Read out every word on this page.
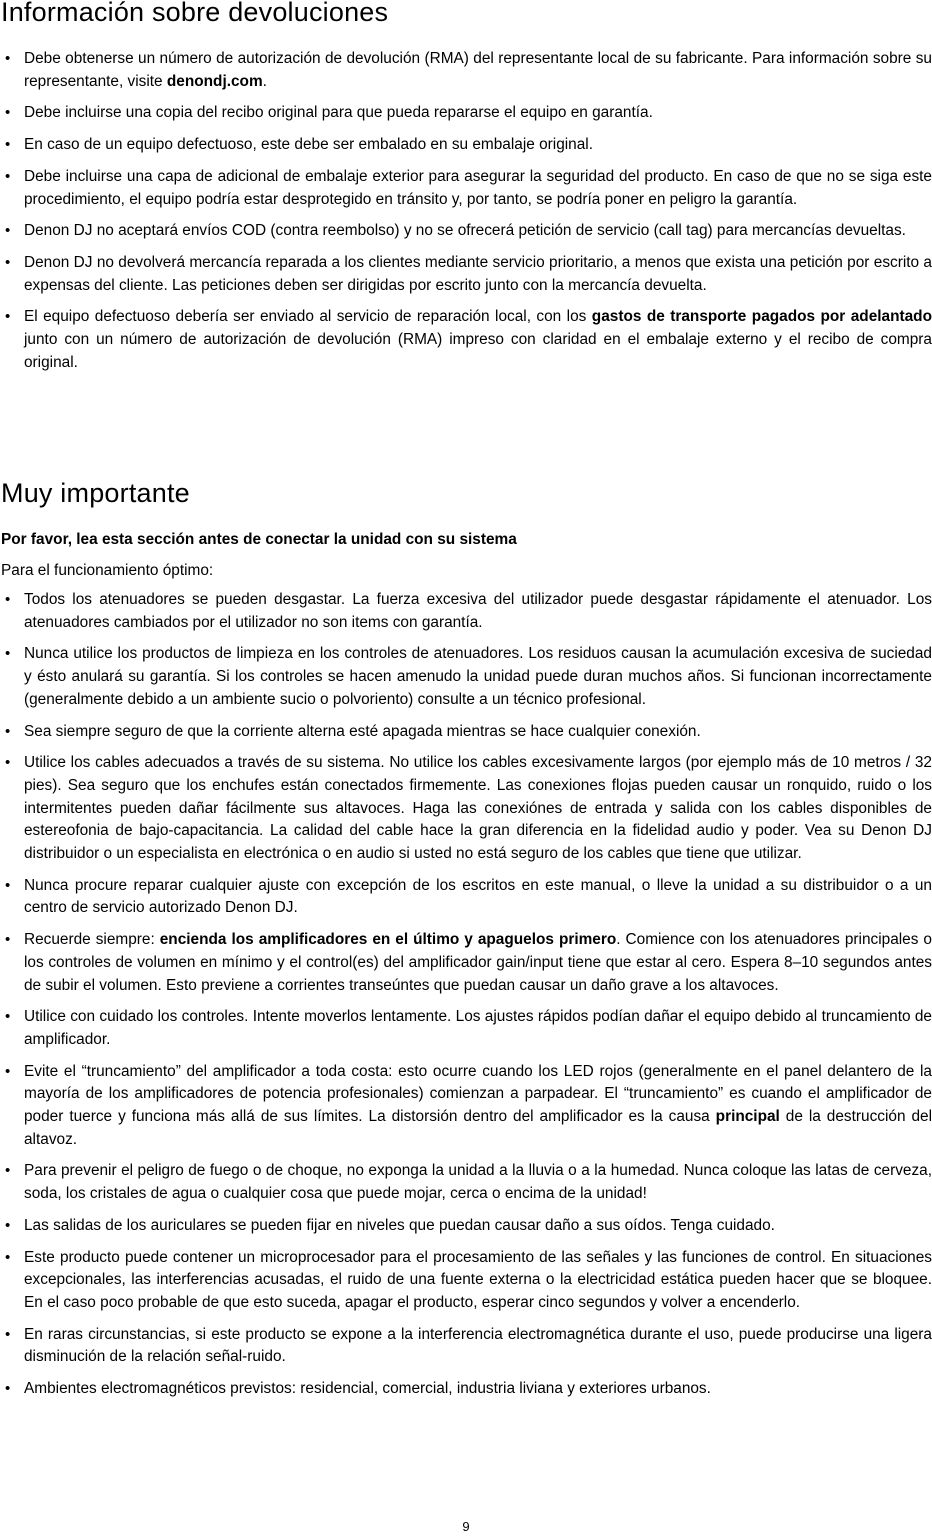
Información sobre devoluciones
• Debe obtenerse un número de autorización de devolución (RMA) del representante local de su fabricante. Para información sobre su representante, visite denondj.com.
• Debe incluirse una copia del recibo original para que pueda repararse el equipo en garantía.
• En caso de un equipo defectuoso, este debe ser embalado en su embalaje original.
• Debe incluirse una capa de adicional de embalaje exterior para asegurar la seguridad del producto. En caso de que no se siga este procedimiento, el equipo podría estar desprotegido en tránsito y, por tanto, se podría poner en peligro la garantía.
• Denon DJ no aceptará envíos COD (contra reembolso) y no se ofrecerá petición de servicio (call tag) para mercancías devueltas.
• Denon DJ no devolverá mercancía reparada a los clientes mediante servicio prioritario, a menos que exista una petición por escrito a expensas del cliente. Las peticiones deben ser dirigidas por escrito junto con la mercancía devuelta.
• El equipo defectuoso debería ser enviado al servicio de reparación local, con los gastos de transporte pagados por adelantado junto con un número de autorización de devolución (RMA) impreso con claridad en el embalaje externo y el recibo de compra original.
Muy importante
Por favor, lea esta sección antes de conectar la unidad con su sistema
Para el funcionamiento óptimo:
• Todos los atenuadores se pueden desgastar. La fuerza excesiva del utilizador puede desgastar rápidamente el atenuador. Los atenuadores cambiados por el utilizador no son items con garantía.
• Nunca utilice los productos de limpieza en los controles de atenuadores. Los residuos causan la acumulación excesiva de suciedad y ésto anulará su garantía. Si los controles se hacen amenudo la unidad puede duran muchos años. Si funcionan incorrectamente (generalmente debido a un ambiente sucio o polvoriento) consulte a un técnico profesional.
• Sea siempre seguro de que la corriente alterna esté apagada mientras se hace cualquier conexión.
• Utilice los cables adecuados a través de su sistema. No utilice los cables excesivamente largos (por ejemplo más de 10 metros / 32 pies). Sea seguro que los enchufes están conectados firmemente. Las conexiones flojas pueden causar un ronquido, ruido o los intermitentes pueden dañar fácilmente sus altavoces. Haga las conexiónes de entrada y salida con los cables disponibles de estereofonia de bajo-capacitancia. La calidad del cable hace la gran diferencia en la fidelidad audio y poder. Vea su Denon DJ distribuidor o un especialista en electrónica o en audio si usted no está seguro de los cables que tiene que utilizar.
• Nunca procure reparar cualquier ajuste con excepción de los escritos en este manual, o lleve la unidad a su distribuidor o a un centro de servicio autorizado Denon DJ.
• Recuerde siempre: encienda los amplificadores en el último y apaguelos primero. Comience con los atenuadores principales o los controles de volumen en mínimo y el control(es) del amplificador gain/input tiene que estar al cero. Espera 8–10 segundos antes de subir el volumen. Esto previene a corrientes transeúntes que puedan causar un daño grave a los altavoces.
• Utilice con cuidado los controles. Intente moverlos lentamente. Los ajustes rápidos podían dañar el equipo debido al truncamiento de amplificador.
• Evite el “truncamiento” del amplificador a toda costa: esto ocurre cuando los LED rojos (generalmente en el panel delantero de la mayoría de los amplificadores de potencia profesionales) comienzan a parpadear. El “truncamiento” es cuando el amplificador de poder tuerce y funciona más allá de sus límites. La distorsión dentro del amplificador es la causa principal de la destrucción del altavoz.
• Para prevenir el peligro de fuego o de choque, no exponga la unidad a la lluvia o a la humedad. Nunca coloque las latas de cerveza, soda, los cristales de agua o cualquier cosa que puede mojar, cerca o encima de la unidad!
• Las salidas de los auriculares se pueden fijar en niveles que puedan causar daño a sus oídos. Tenga cuidado.
• Este producto puede contener un microprocesador para el procesamiento de las señales y las funciones de control. En situaciones excepcionales, las interferencias acusadas, el ruido de una fuente externa o la electricidad estática pueden hacer que se bloquee. En el caso poco probable de que esto suceda, apagar el producto, esperar cinco segundos y volver a encenderlo.
• En raras circunstancias, si este producto se expone a la interferencia electromagnética durante el uso, puede producirse una ligera disminución de la relación señal-ruido.
• Ambientes electromagnéticos previstos: residencial, comercial, industria liviana y exteriores urbanos.
9
